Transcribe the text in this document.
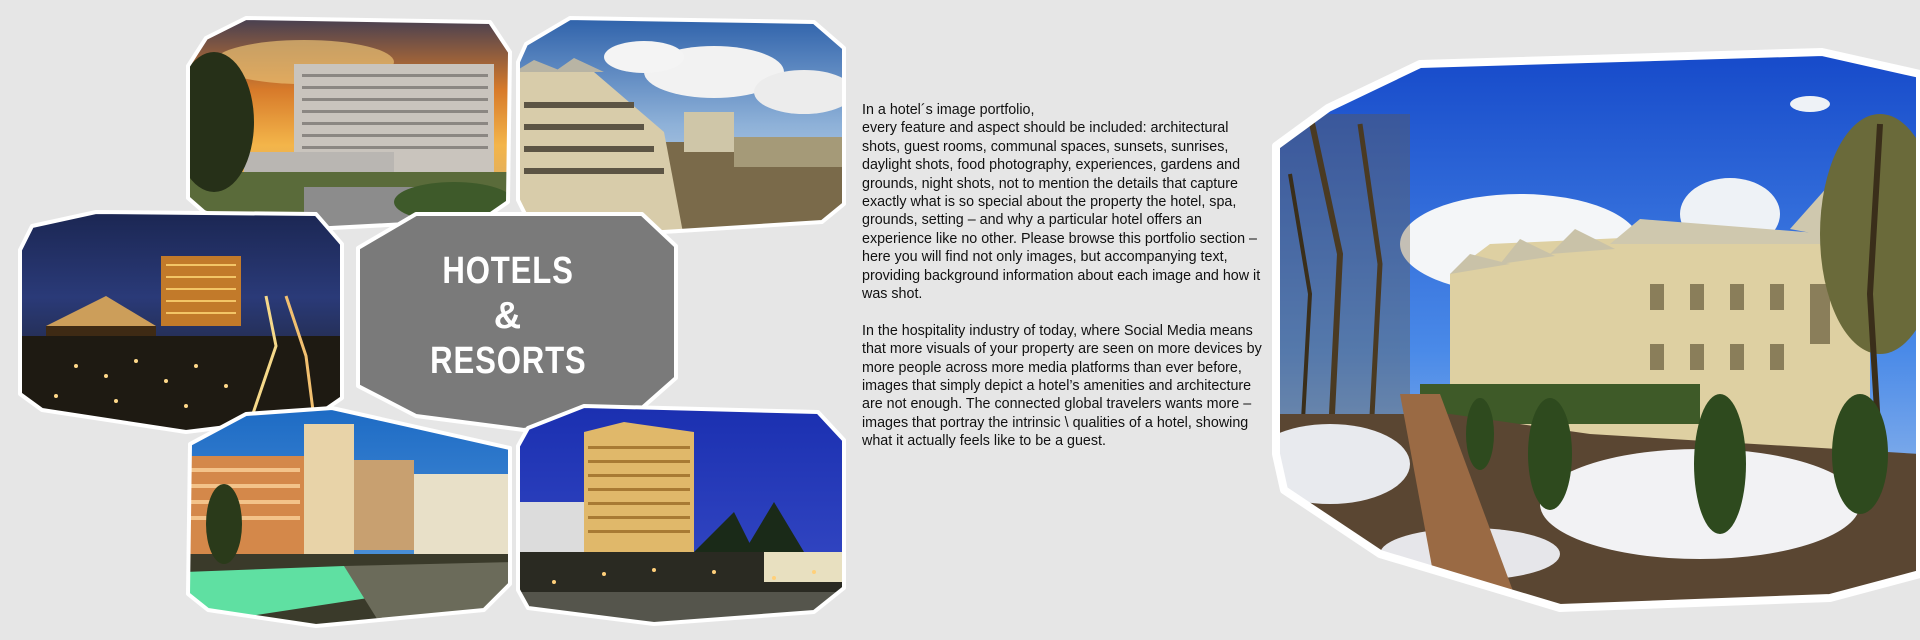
HOTELS
&
RESORTS

In a hotel´s image portfolio,
every feature and aspect should be included: architectural shots, guest rooms, communal spaces, sunsets, sunrises, daylight shots, food photography, experiences, gardens and grounds, night shots, not to mention the details that capture exactly what is so special about the property the hotel, spa, grounds, setting – and why a particular hotel offers an experience like no other. Please browse this portfolio section – here you will find not only images, but accompanying text, providing background information about each image and how it was shot.

In the hospitality industry of today, where Social Media means that more visuals of your property are seen on more devices by more people across more media platforms than ever before, images that simply depict a hotel’s amenities and architecture are not enough. The connected global travelers wants more – images that portray the intrinsic \ qualities of a hotel, showing what it actually feels like to be a guest.
